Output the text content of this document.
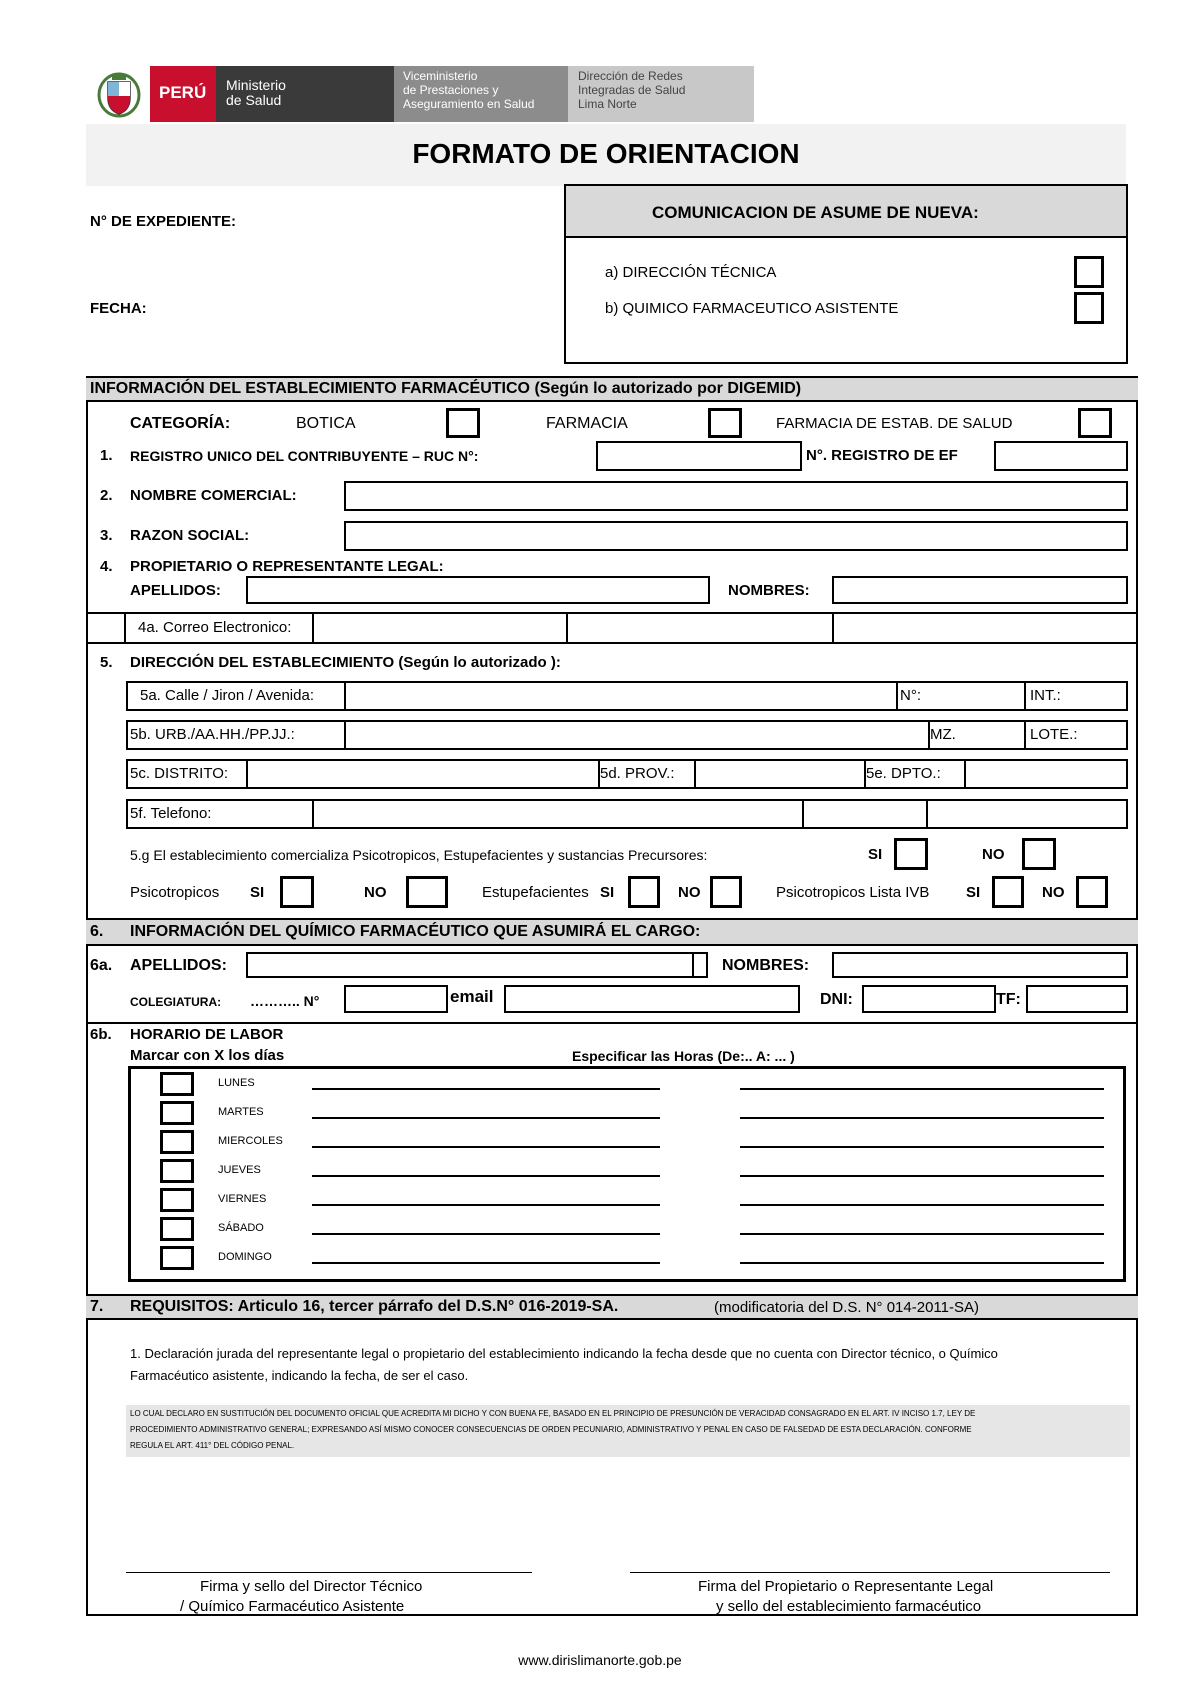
PERÚ Ministerio
de Salud
Viceministerio
de Prestaciones y
Aseguramiento en Salud
Dirección de Redes
Integradas de Salud
Lima Norte
FORMATO DE ORIENTACION
N° DE EXPEDIENTE:
FECHA:
COMUNICACION DE ASUME DE NUEVA:
a) DIRECCIÓN TÉCNICA
b) QUIMICO FARMACEUTICO ASISTENTE
INFORMACIÓN DEL ESTABLECIMIENTO FARMACÉUTICO (Según lo autorizado por DIGEMID)
CATEGORÍA:	BOTICA	FARMACIA	FARMACIA DE ESTAB. DE SALUD
1. REGISTRO UNICO DEL CONTRIBUYENTE – RUC N°:	N°. REGISTRO DE EF
2. NOMBRE COMERCIAL:
3. RAZON SOCIAL:
4. PROPIETARIO O REPRESENTANTE LEGAL:
APELLIDOS:	NOMBRES:
4a. Correo Electronico:
5. DIRECCIÓN DEL ESTABLECIMIENTO (Según lo autorizado ):
5a. Calle / Jiron / Avenida:	N°:	INT.:
5b. URB./AA.HH./PP.JJ.:	MZ.	LOTE.:
5c. DISTRITO:	5d. PROV.:	5e. DPTO.:
5f. Telefono:
5.g El establecimiento comercializa Psicotropicos, Estupefacientes y sustancias Precursores:	SI	NO
Psicotropicos SI	NO	Estupefacientes SI	NO	Psicotropicos Lista IVB SI	NO
6. INFORMACIÓN DEL QUÍMICO FARMACÉUTICO QUE ASUMIRÁ EL CARGO:
6a. APELLIDOS:	NOMBRES:
COLEGIATURA: ……….. N°	email	DNI:	TF:
6b. HORARIO DE LABOR
Marcar con X los días	Especificar las Horas (De:.. A: ... )
LUNES
MARTES
MIERCOLES
JUEVES
VIERNES
SÁBADO
DOMINGO
7. REQUISITOS: Articulo 16, tercer párrafo del D.S.N° 016-2019-SA.	(modificatoria del D.S. N° 014-2011-SA)
1. Declaración jurada del representante legal o propietario del establecimiento indicando la fecha desde que no cuenta con Director técnico, o Químico
Farmacéutico asistente, indicando la fecha, de ser el caso.
LO CUAL DECLARO EN SUSTITUCIÓN DEL DOCUMENTO OFICIAL QUE ACREDITA MI DICHO Y CON BUENA FE, BASADO EN EL PRINCIPIO DE PRESUNCIÓN DE VERACIDAD CONSAGRADO EN EL ART. IV INCISO 1.7, LEY DE
PROCEDIMIENTO ADMINISTRATIVO GENERAL; EXPRESANDO ASÍ MISMO CONOCER CONSECUENCIAS DE ORDEN PECUNIARIO, ADMINISTRATIVO Y PENAL EN CASO DE FALSEDAD DE ESTA DECLARACIÓN. CONFORME
REGULA EL ART. 411° DEL CÓDIGO PENAL.
Firma y sello del Director Técnico
/ Químico Farmacéutico Asistente
Firma del Propietario o Representante Legal
y sello del establecimiento farmacéutico
www.dirislimanorte.gob.pe
